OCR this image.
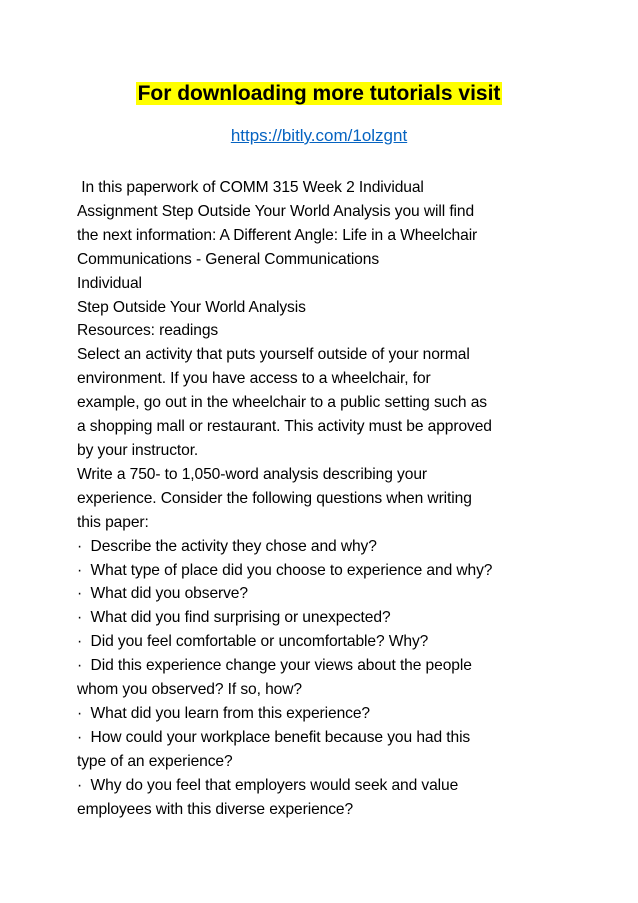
For downloading more tutorials visit
https://bitly.com/1olzgnt
In this paperwork of COMM 315 Week 2 Individual
Assignment Step Outside Your World Analysis you will find
the next information: A Different Angle: Life in a Wheelchair
Communications - General Communications
Individual
Step Outside Your World Analysis
Resources: readings
Select an activity that puts yourself outside of your normal
environment. If you have access to a wheelchair, for
example, go out in the wheelchair to a public setting such as
a shopping mall or restaurant. This activity must be approved
by your instructor.
Write a 750- to 1,050-word analysis describing your
experience. Consider the following questions when writing
this paper:
·  Describe the activity they chose and why?
·  What type of place did you choose to experience and why?
·  What did you observe?
·  What did you find surprising or unexpected?
·  Did you feel comfortable or uncomfortable? Why?
·  Did this experience change your views about the people
whom you observed? If so, how?
·  What did you learn from this experience?
·  How could your workplace benefit because you had this
type of an experience?
·  Why do you feel that employers would seek and value
employees with this diverse experience?
